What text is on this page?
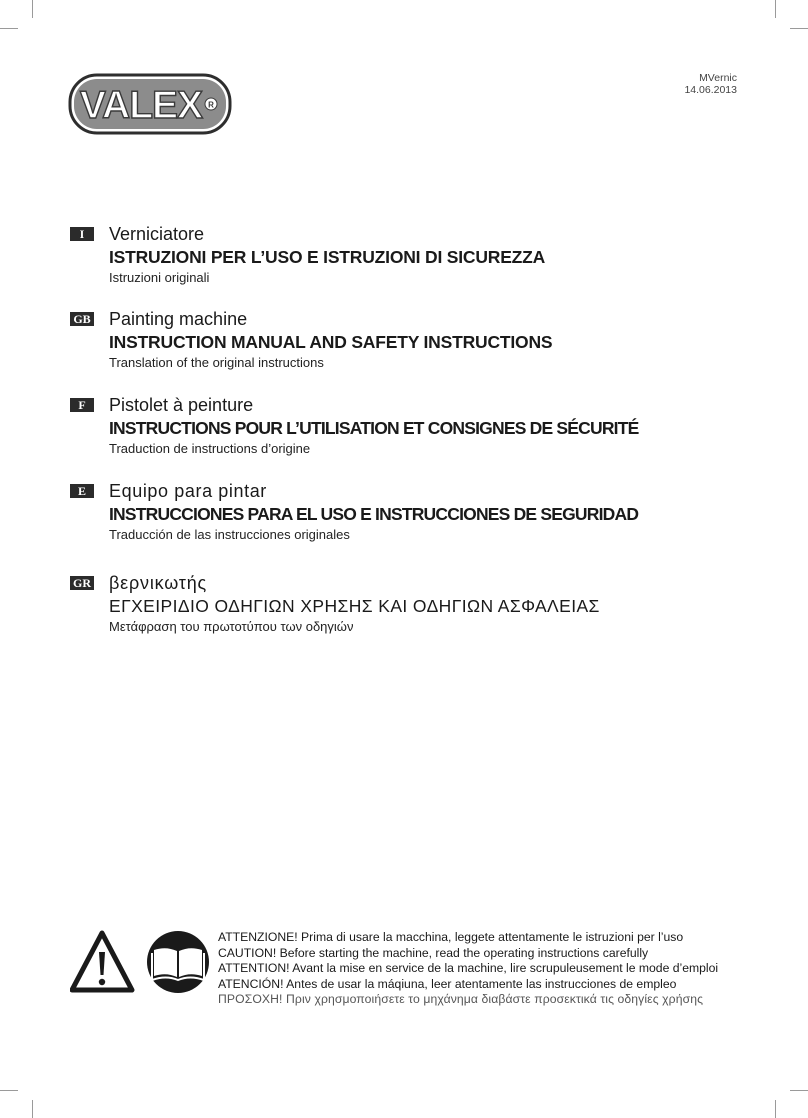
VALEX R
MVernic
14.06.2013
I	Verniciatore
ISTRUZIONI PER L’USO E ISTRUZIONI DI SICUREZZA
Istruzioni originali
GB Painting machine
INSTRUCTION MANUAL AND SAFETY INSTRUCTIONS
Translation of the original instructions
F	Pistolet à peinture
INSTRUCTIONS POUR L’UTILISATION ET CONSIGNES DE SÉCURITÉ
Traduction de instructions d’origine
E	Equipo para pintar
INSTRUCCIONES PARA EL USO E INSTRUCCIONES DE SEGURIDAD
Traducción de las instrucciones originales
GR βερνικωτής
ΕΓΧΕΙΡΙΔΙΟ ΟΔΗΓΙΩΝ ΧΡΗΣΗΣ ΚΑΙ ΟΔΗΓΙΩΝ ΑΣΦΑΛΕΙΑΣ
Μετάφραση του πρωτοτύπου των οδηγιών
ATTENZIONE! Prima di usare la macchina, leggete attentamente le istruzioni per l’uso
CAUTION! Before starting the machine, read the operating instructions carefully
ATTENTION! Avant la mise en service de la machine, lire scrupuleusement le mode d’emploi
ATENCIÓN! Antes de usar la máqiuna, leer atentamente las instrucciones de empleo
ΠΡΟΣΟΧΗ! Πριν χρησμοποιήσετε το μηχάνημα διαβάστε προσεκτικά τις οδηγίες χρήσης
